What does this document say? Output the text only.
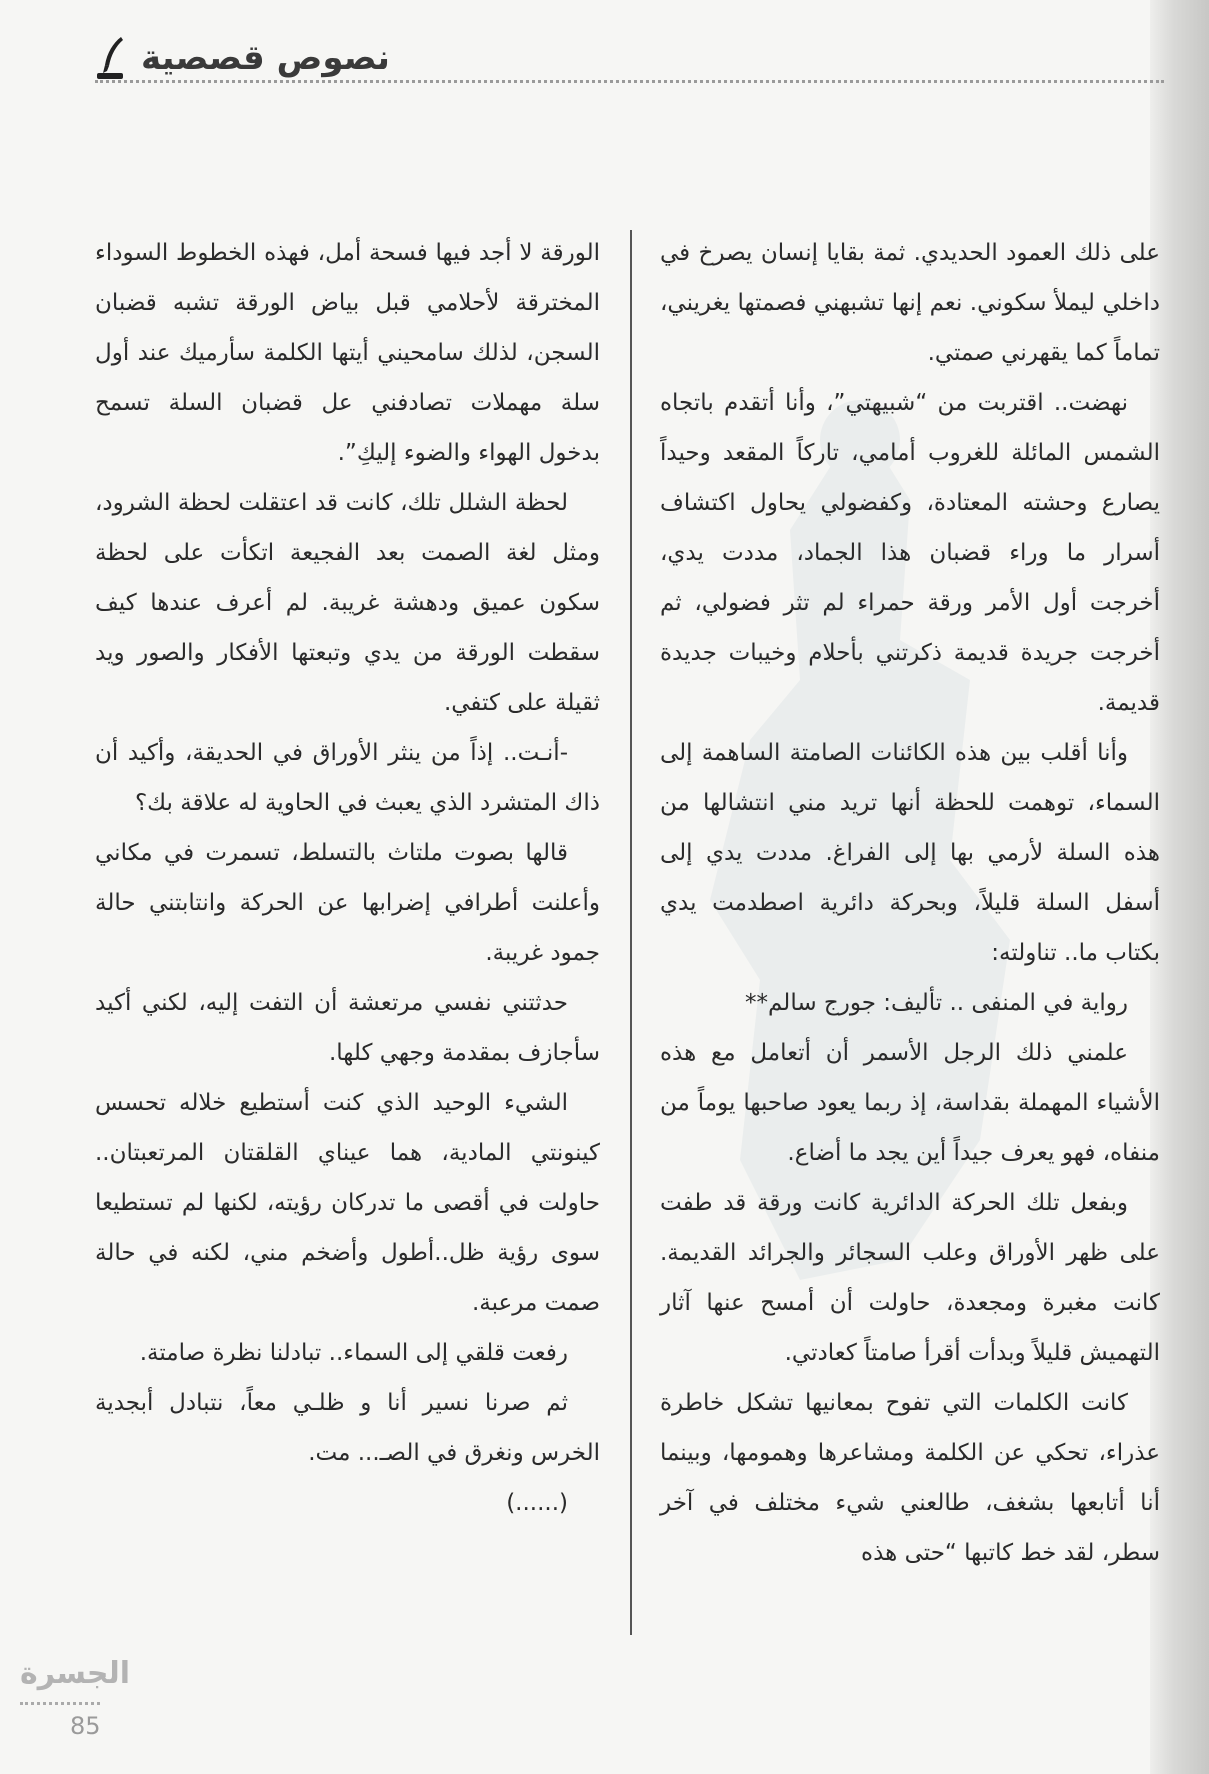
نصوص قصصية

على ذلك العمود الحديدي. ثمة بقايا إنسان يصرخ في داخلي ليملأ سكوني. نعم إنها تشبهني فصمتها يغريني، تماماً كما يقهرني صمتي.

نهضت.. اقتربت من “شبيهتي”، وأنا أتقدم باتجاه الشمس المائلة للغروب أمامي، تاركاً المقعد وحيداً يصارع وحشته المعتادة، وكفضولي يحاول اكتشاف أسرار ما وراء قضبان هذا الجماد، مددت يدي، أخرجت أول الأمر ورقة حمراء لم تثر فضولي، ثم أخرجت جريدة قديمة ذكرتني بأحلام وخيبات جديدة قديمة.

وأنا أقلب بين هذه الكائنات الصامتة الساهمة إلى السماء، توهمت للحظة أنها تريد مني انتشالها من هذه السلة لأرمي بها إلى الفراغ. مددت يدي إلى أسفل السلة قليلاً، وبحركة دائرية اصطدمت يدي بكتاب ما.. تناولته:

رواية في المنفى .. تأليف: جورج سالم**

علمني ذلك الرجل الأسمر أن أتعامل مع هذه الأشياء المهملة بقداسة، إذ ربما يعود صاحبها يوماً من منفاه، فهو يعرف جيداً أين يجد ما أضاع.

وبفعل تلك الحركة الدائرية كانت ورقة قد طفت على ظهر الأوراق وعلب السجائر والجرائد القديمة. كانت مغبرة ومجعدة، حاولت أن أمسح عنها آثار التهميش قليلاً وبدأت أقرأ صامتاً كعادتي.

كانت الكلمات التي تفوح بمعانيها تشكل خاطرة عذراء، تحكي عن الكلمة ومشاعرها وهمومها، وبينما أنا أتابعها بشغف، طالعني شيء مختلف في آخر سطر، لقد خط كاتبها “حتى هذه

الورقة لا أجد فيها فسحة أمل، فهذه الخطوط السوداء المخترقة لأحلامي قبل بياض الورقة تشبه قضبان السجن، لذلك سامحيني أيتها الكلمة سأرميك عند أول سلة مهملات تصادفني عل قضبان السلة تسمح بدخول الهواء والضوء إليكِ”.

لحظة الشلل تلك، كانت قد اعتقلت لحظة الشرود، ومثل لغة الصمت بعد الفجيعة اتكأت على لحظة سكون عميق ودهشة غريبة. لم أعرف عندها كيف سقطت الورقة من يدي وتبعتها الأفكار والصور ويد ثقيلة على كتفي.

-أنـت.. إذاً من ينثر الأوراق في الحديقة، وأكيد أن ذاك المتشرد الذي يعبث في الحاوية له علاقة بك؟

قالها بصوت ملتاث بالتسلط، تسمرت في مكاني وأعلنت أطرافي إضرابها عن الحركة وانتابتني حالة جمود غريبة.

حدثتني نفسي مرتعشة أن التفت إليه، لكني أكيد سأجازف بمقدمة وجهي كلها.

الشيء الوحيد الذي كنت أستطيع خلاله تحسس كينونتي المادية، هما عيناي القلقتان المرتعبتان.. حاولت في أقصى ما تدركان رؤيته، لكنها لم تستطيعا سوى رؤية ظل..أطول وأضخم مني، لكنه في حالة صمت مرعبة.

رفعت قلقي إلى السماء.. تبادلنا نظرة صامتة.

ثم صرنا نسير أنا و ظلـي معاً، نتبادل أبجدية الخرس ونغرق في الصـ... مت.

(......)

الجسرة
85
